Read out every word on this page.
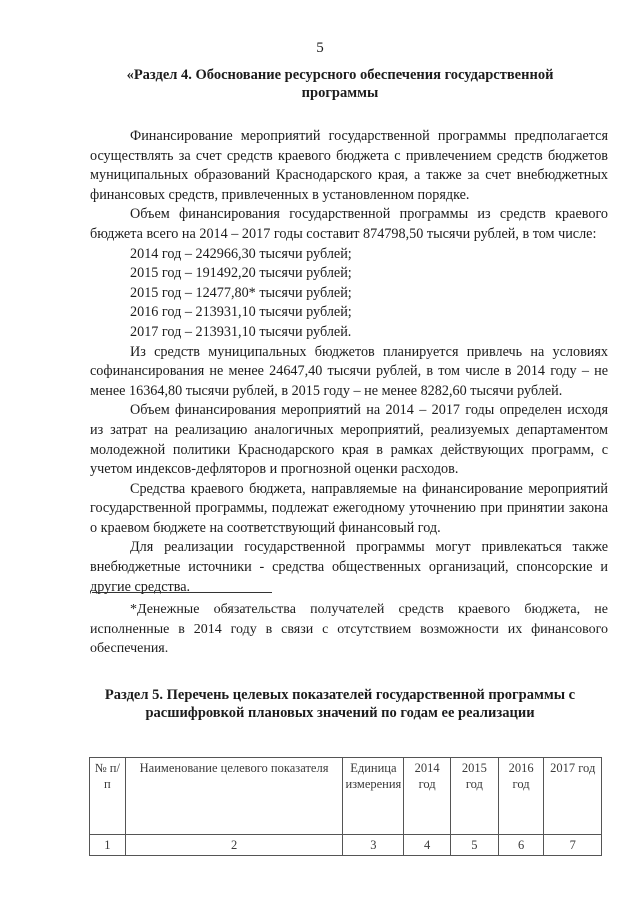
5
«Раздел 4. Обоснование ресурсного обеспечения государственной программы

Финансирование мероприятий государственной программы предполагается осуществлять за счет средств краевого бюджета с привлечением средств бюджетов муниципальных образований Краснодарского края, а также за счет внебюджетных финансовых средств, привлеченных в установленном порядке.

Объем финансирования государственной программы из средств краевого бюджета всего на 2014 – 2017 годы составит 874798,50 тысячи рублей, в том числе:

2014 год – 242966,30 тысячи рублей;

2015 год – 191492,20 тысячи рублей;

2015 год – 12477,80* тысячи рублей;

2016 год – 213931,10 тысячи рублей;

2017 год – 213931,10 тысячи рублей.

Из средств муниципальных бюджетов планируется привлечь на условиях софинансирования не менее 24647,40 тысячи рублей, в том числе в 2014 году – не менее 16364,80 тысячи рублей, в 2015 году – не менее 8282,60 тысячи рублей.

Объем финансирования мероприятий на 2014 – 2017 годы определен исходя из затрат на реализацию аналогичных мероприятий, реализуемых департаментом молодежной политики Краснодарского края в рамках действующих программ, с учетом индексов-дефляторов и прогнозной оценки расходов.

Средства краевого бюджета, направляемые на финансирование мероприятий государственной программы, подлежат ежегодному уточнению при принятии закона о краевом бюджете на соответствующий финансовый год.

Для реализации государственной программы могут привлекаться также внебюджетные источники - средства общественных организаций, спонсорские и другие средства.

*Денежные обязательства получателей средств краевого бюджета, не исполненные в 2014 году в связи с отсутствием возможности их финансового обеспечения.
Раздел 5. Перечень целевых показателей государственной программы с расшифровкой плановых значений по годам ее реализации
№ п/п	Наименование целевого показателя	Единица измерения	2014 год	2015 год	2016 год	2017 год
1	2	3	4	5	6	7
